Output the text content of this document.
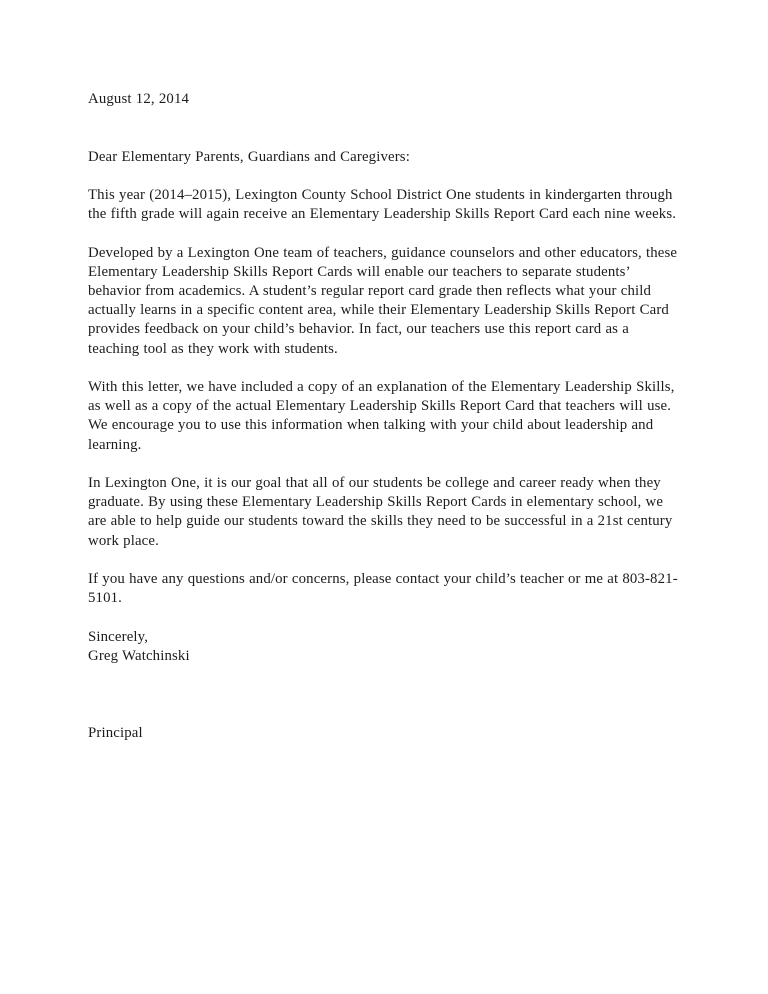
August 12, 2014
Dear Elementary Parents, Guardians and Caregivers:

This year (2014–2015), Lexington County School District One students in kindergarten through the fifth grade will again receive an Elementary Leadership Skills Report Card each nine weeks.

Developed by a Lexington One team of teachers, guidance counselors and other educators, these Elementary Leadership Skills Report Cards will enable our teachers to separate students’ behavior from academics. A student’s regular report card grade then reflects what your child actually learns in a specific content area, while their Elementary Leadership Skills Report Card provides feedback on your child’s behavior. In fact, our teachers use this report card as a teaching tool as they work with students.

With this letter, we have included a copy of an explanation of the Elementary Leadership Skills, as well as a copy of the actual Elementary Leadership Skills Report Card that teachers will use. We encourage you to use this information when talking with your child about leadership and learning.

In Lexington One, it is our goal that all of our students be college and career ready when they graduate. By using these Elementary Leadership Skills Report Cards in elementary school, we are able to help guide our students toward the skills they need to be successful in a 21st century work place.

If you have any questions and/or concerns, please contact your child’s teacher or me at 803-821-5101.

Sincerely,
Greg Watchinski
Principal
